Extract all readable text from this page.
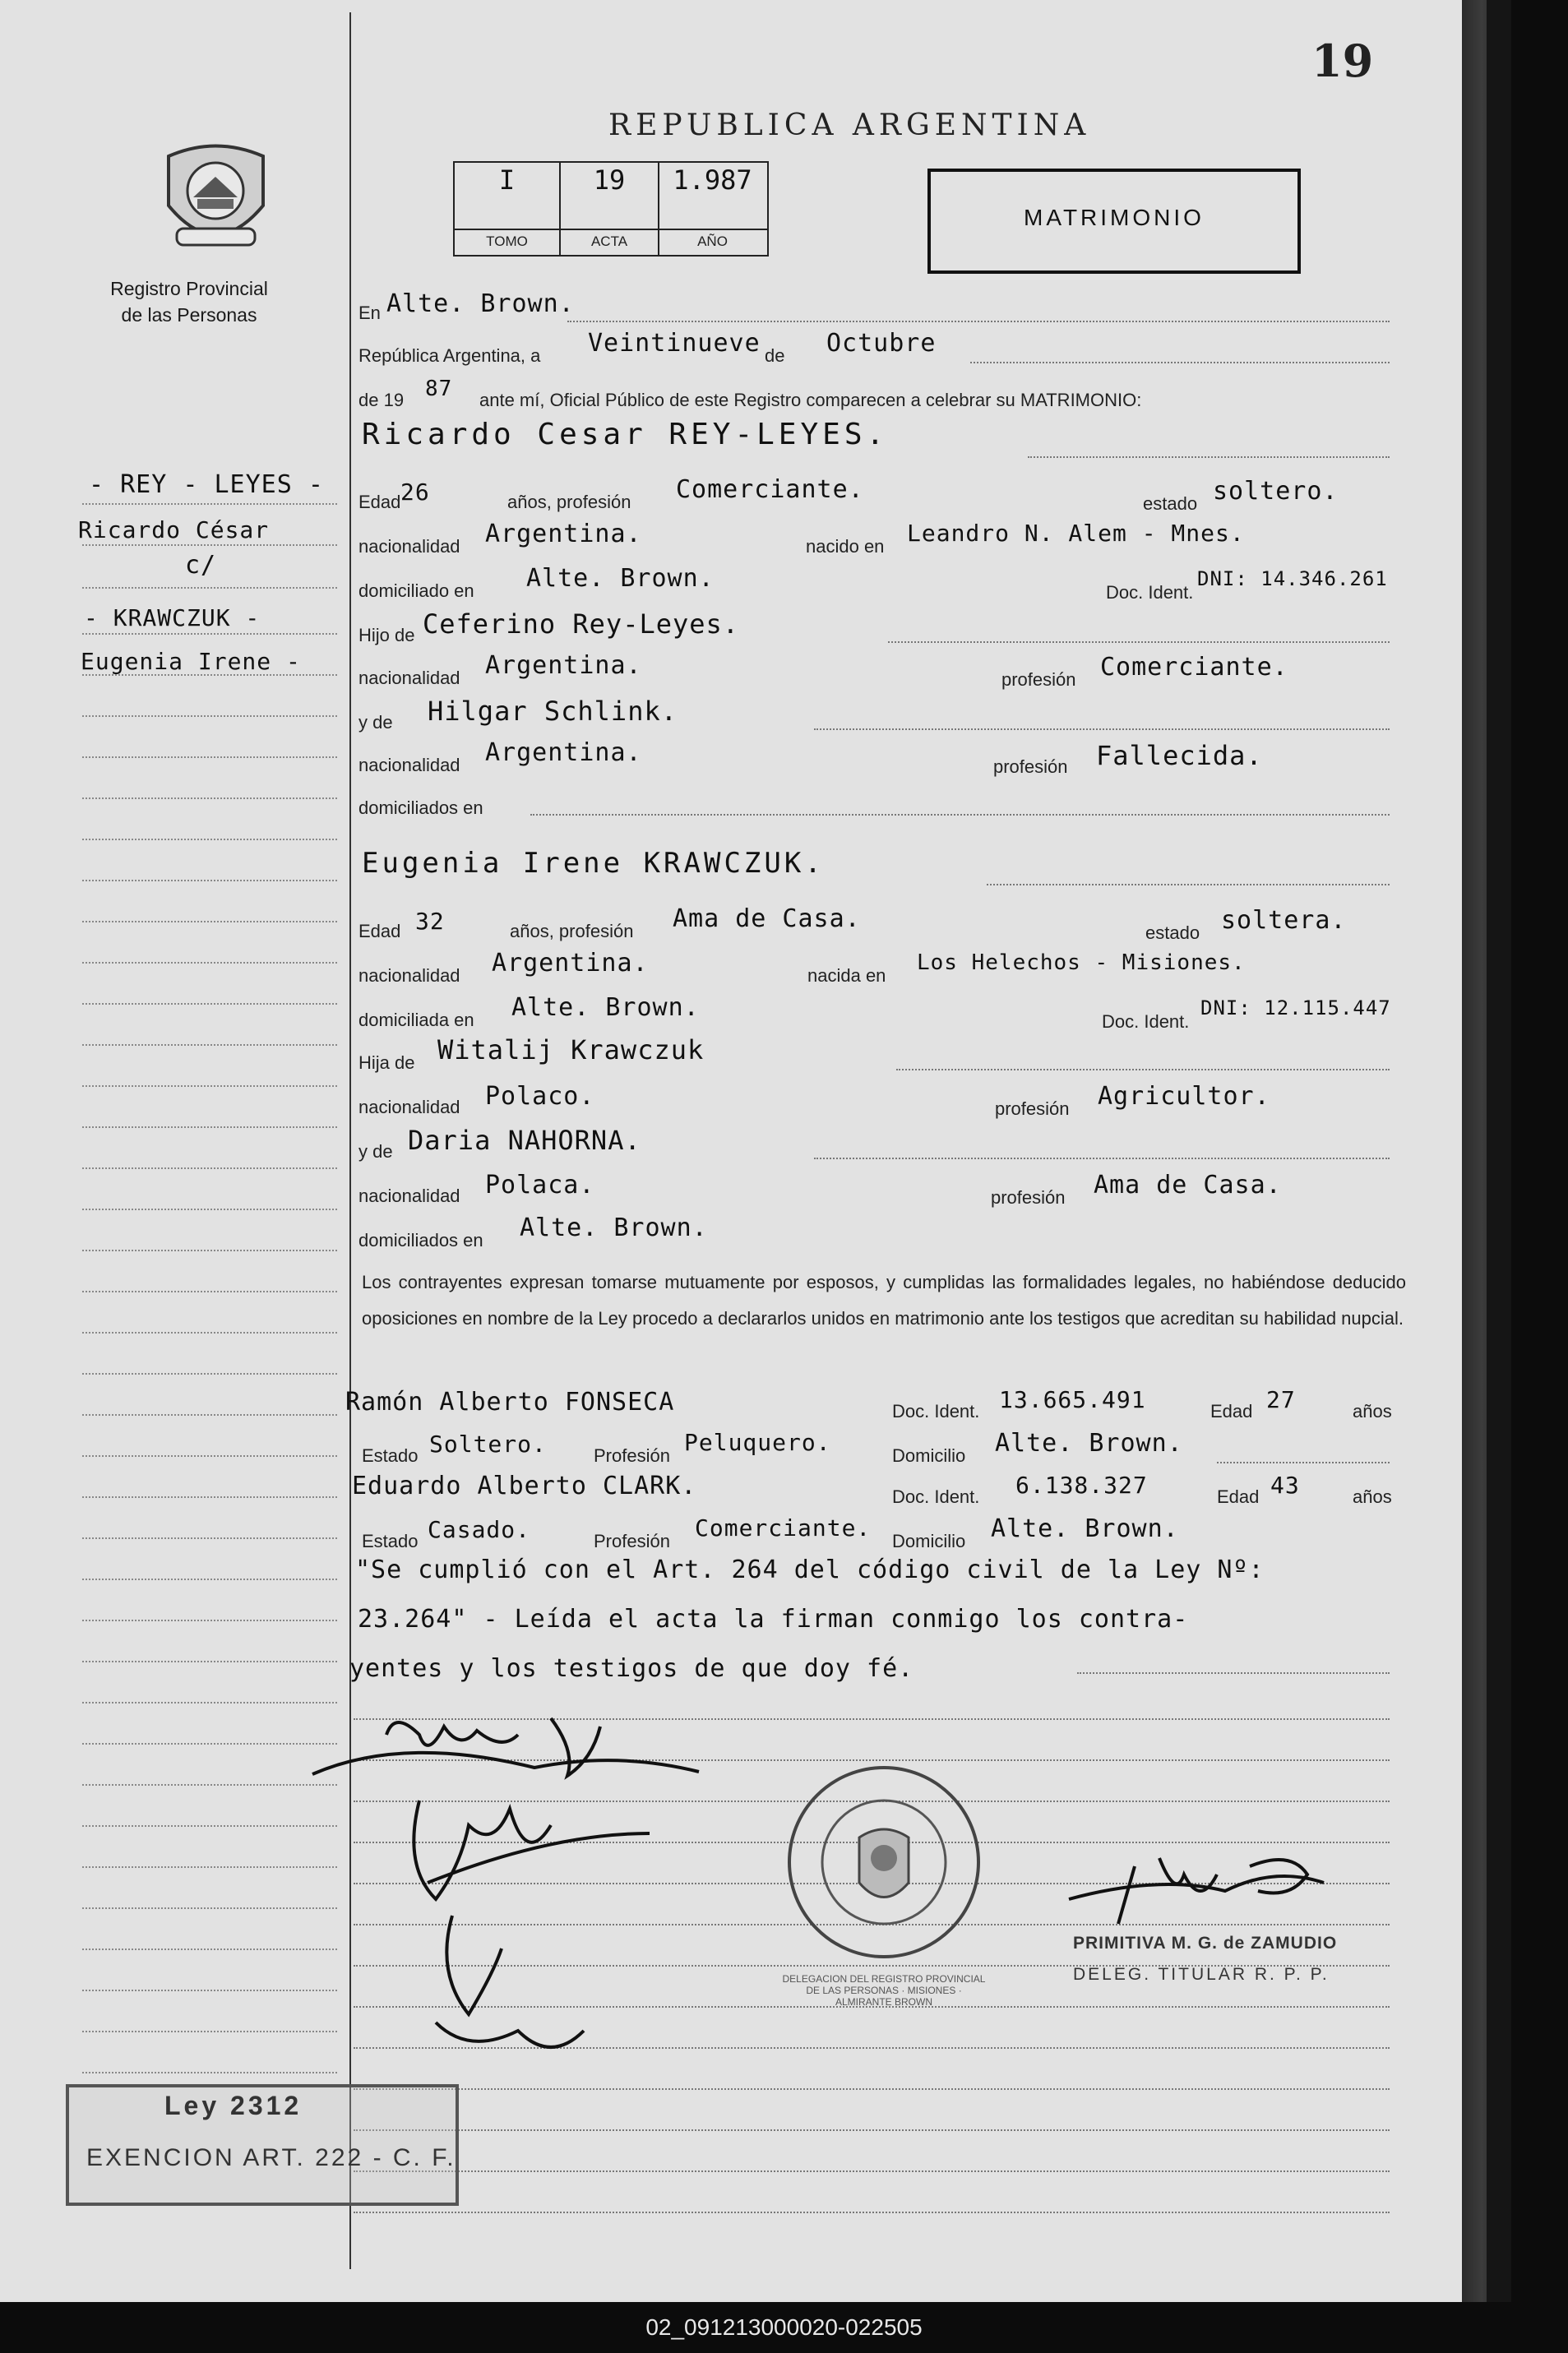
19
Registro Provincial
de las Personas
REPUBLICA ARGENTINA
I
TOMO
19
ACTA
1.987
AÑO
MATRIMONIO
- REY - LEYES -
Ricardo César
c/
- KRAWCZUK -
Eugenia Irene -
En Alte. Brown.
República Argentina, a Veintinueve de Octubre
de 19 87 ante mí, Oficial Público de este Registro comparecen a celebrar su MATRIMONIO:
Ricardo Cesar REY-LEYES.
Edad 26	años, profesión Comerciante.	estado soltero.
nacionalidad Argentina.	nacido en Leandro N. Alem - Mnes.
domiciliado en Alte. Brown.	Doc. Ident.
DNI: 14.346.261
Hijo de Ceferino Rey-Leyes.
nacionalidad Argentina.	profesión Comerciante.
y de Hilgar Schlink.
nacionalidad Argentina.	profesión Fallecida.
domiciliados en
Eugenia Irene KRAWCZUK.
Edad 32	años, profesión Ama de Casa.	estado soltera.
nacionalidad Argentina.	nacida en
Los Helechos - Misiones.
domiciliada en Alte. Brown.	Doc. Ident.
DNI: 12.115.447
Hija de Witalij Krawczuk
nacionalidad Polaco.	profesión Agricultor.
y de Daria NAHORNA.
nacionalidad Polaca.	profesión Ama de Casa.
domiciliados en Alte. Brown.

Los contrayentes expresan tomarse mutuamente por esposos, y cumplidas las formalidades legales, no habiéndose deducido oposiciones en nombre de la Ley procedo a declararlos unidos en matrimonio ante los testigos que acreditan su habilidad nupcial.

Ramón Alberto FONSECA	Doc. Ident. 13.665.491	Edad 27	años
Estado Soltero.	Profesión Peluquero.	Domicilio Alte. Brown.
Eduardo Alberto CLARK.	Doc. Ident. 6.138.327	Edad 43	años
Estado Casado.	Profesión Comerciante. Domicilio Alte. Brown.
"Se cumplió con el Art. 264 del código civil de la Ley Nº:
23.264" - Leída el acta la firman conmigo los contra-
yentes y los testigos de que doy fé.
DELEGACION DEL REGISTRO PROVINCIAL DE LAS PERSONAS · MISIONES · ALMIRANTE BROWN
PRIMITIVA M. G. de ZAMUDIO
DELEG. TITULAR R. P. P.
Ley 2312
EXENCION ART. 222 - C. F.
02_091213000020-022505
